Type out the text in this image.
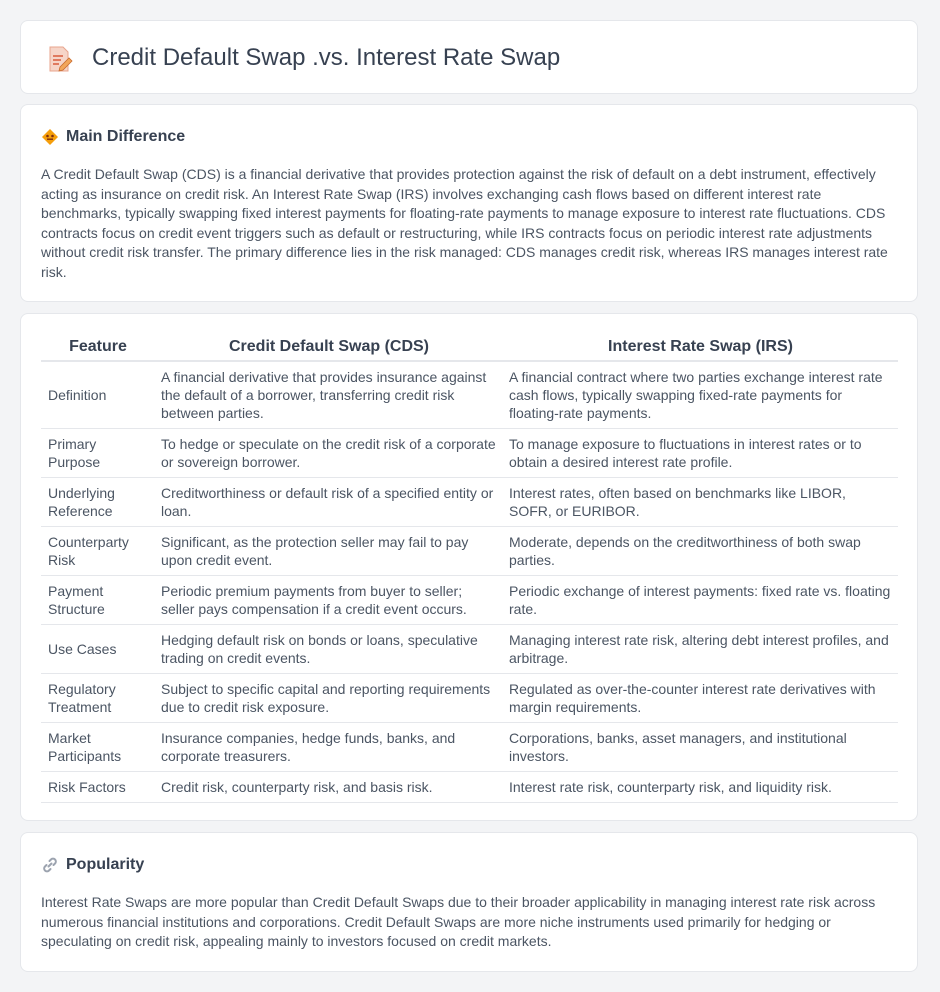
Credit Default Swap .vs. Interest Rate Swap
Main Difference

A Credit Default Swap (CDS) is a financial derivative that provides protection against the risk of default on a debt instrument, effectively acting as insurance on credit risk. An Interest Rate Swap (IRS) involves exchanging cash flows based on different interest rate benchmarks, typically swapping fixed interest payments for floating-rate payments to manage exposure to interest rate fluctuations. CDS contracts focus on credit event triggers such as default or restructuring, while IRS contracts focus on periodic interest rate adjustments without credit risk transfer. The primary difference lies in the risk managed: CDS manages credit risk, whereas IRS manages interest rate risk.

Feature	Credit Default Swap (CDS)	Interest Rate Swap (IRS)
Definition	A financial derivative that provides insurance against the default of a borrower, transferring credit risk between parties.	A financial contract where two parties exchange interest rate cash flows, typically swapping fixed-rate payments for floating-rate payments.
Primary Purpose	To hedge or speculate on the credit risk of a corporate or sovereign borrower.	To manage exposure to fluctuations in interest rates or to obtain a desired interest rate profile.
Underlying Reference	Creditworthiness or default risk of a specified entity or loan.	Interest rates, often based on benchmarks like LIBOR, SOFR, or EURIBOR.
Counterparty Risk	Significant, as the protection seller may fail to pay upon credit event.	Moderate, depends on the creditworthiness of both swap parties.
Payment Structure	Periodic premium payments from buyer to seller; seller pays compensation if a credit event occurs.	Periodic exchange of interest payments: fixed rate vs. floating rate.
Use Cases	Hedging default risk on bonds or loans, speculative trading on credit events.	Managing interest rate risk, altering debt interest profiles, and arbitrage.
Regulatory Treatment	Subject to specific capital and reporting requirements due to credit risk exposure.	Regulated as over-the-counter interest rate derivatives with margin requirements.
Market Participants	Insurance companies, hedge funds, banks, and corporate treasurers.	Corporations, banks, asset managers, and institutional investors.
Risk Factors	Credit risk, counterparty risk, and basis risk.	Interest rate risk, counterparty risk, and liquidity risk.
Popularity

Interest Rate Swaps are more popular than Credit Default Swaps due to their broader applicability in managing interest rate risk across numerous financial institutions and corporations. Credit Default Swaps are more niche instruments used primarily for hedging or speculating on credit risk, appealing mainly to investors focused on credit markets.
